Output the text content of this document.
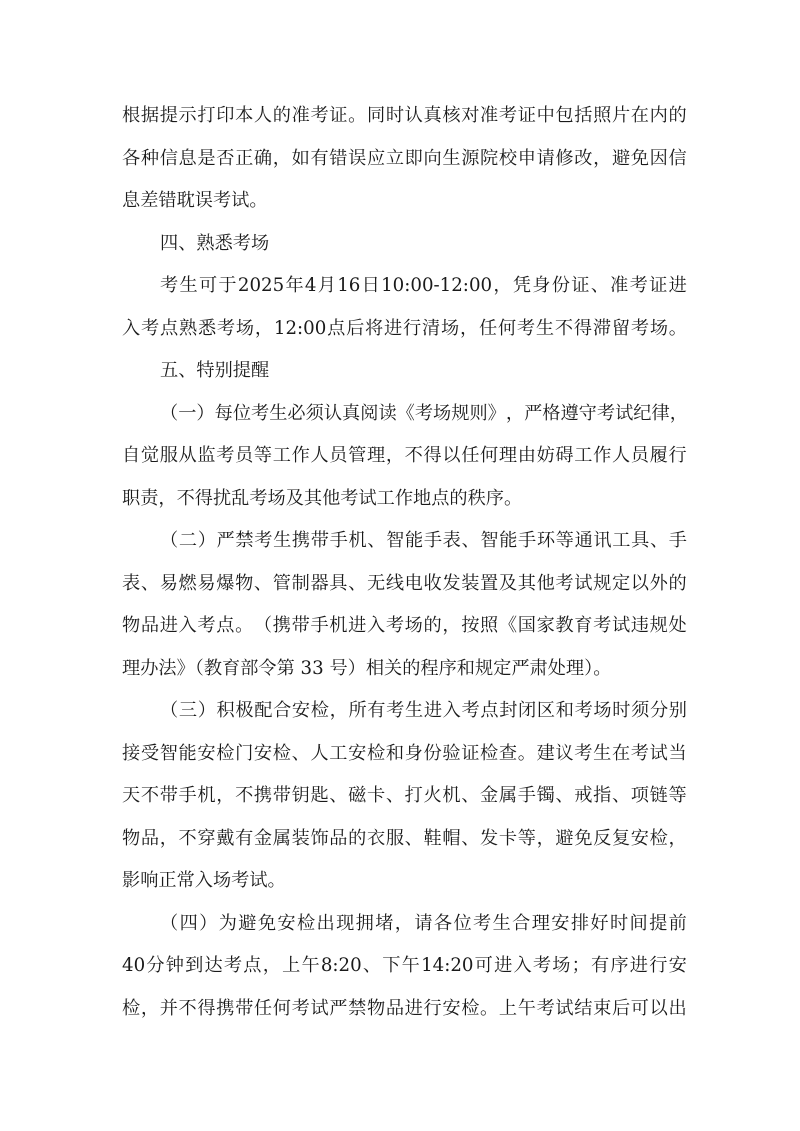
根 据 提 示 打 印 本 人 的 准 考 证 。 同 时 认 真 核 对 准 考 证 中 包 括 照 片 在 内 的
各 种 信 息 是 否 正 确 ， 如 有 错 误 应 立 即 向 生 源 院 校 申 请 修 改 ， 避 免 因 信
息差错耽误考试。
四、熟悉考场
考 生 可 于 2025 年 4 月 16 日 10:00-12:00 ， 凭 身 份 证 、 准 考 证 进
入 考 点 熟 悉 考 场 ， 12:00 点 后 将 进 行 清 场 ， 任 何 考 生 不 得 滞 留 考 场 。
五、特别提醒
（ 一 ） 每 位 考 生 必 须 认 真 阅 读 《 考 场 规 则 》 ， 严 格 遵 守 考 试 纪 律 ，
自 觉 服 从 监 考 员 等 工 作 人 员 管 理 ， 不 得 以 任 何 理 由 妨 碍 工 作 人 员 履 行
职责，不得扰乱考场及其他考试工作地点的秩序。
（ 二 ） 严 禁 考 生 携 带 手 机 、 智 能 手 表 、 智 能 手 环 等 通 讯 工 具 、 手
表 、 易 燃 易 爆 物 、 管 制 器 具 、 无 线 电 收 发 装 置 及 其 他 考 试 规 定 以 外 的
物 品 进 入 考 点 。 （ 携 带 手 机 进 入 考 场 的 ， 按 照 《 国 家 教 育 考 试 违 规 处
理办法》（教育部令第 33 号）相关的程序和规定严肃处理）。
（ 三 ） 积 极 配 合 安 检 ， 所 有 考 生 进 入 考 点 封 闭 区 和 考 场 时 须 分 别
接 受 智 能 安 检 门 安 检 、 人 工 安 检 和 身 份 验 证 检 查 。 建 议 考 生 在 考 试 当
天 不 带 手 机 ， 不 携 带 钥 匙 、 磁 卡 、 打 火 机 、 金 属 手 镯 、 戒 指 、 项 链 等
物 品 ， 不 穿 戴 有 金 属 装 饰 品 的 衣 服 、 鞋 帽 、 发 卡 等 ， 避 免 反 复 安 检 ，
影响正常入场考试。
（ 四 ） 为 避 免 安 检 出 现 拥 堵 ， 请 各 位 考 生 合 理 安 排 好 时 间 提 前
40 分 钟 到 达 考 点 ， 上 午 8:20 、 下 午 14:20 可 进 入 考 场 ； 有 序 进 行 安
检 ， 并 不 得 携 带 任 何 考 试 严 禁 物 品 进 行 安 检 。 上 午 考 试 结 束 后 可 以 出
